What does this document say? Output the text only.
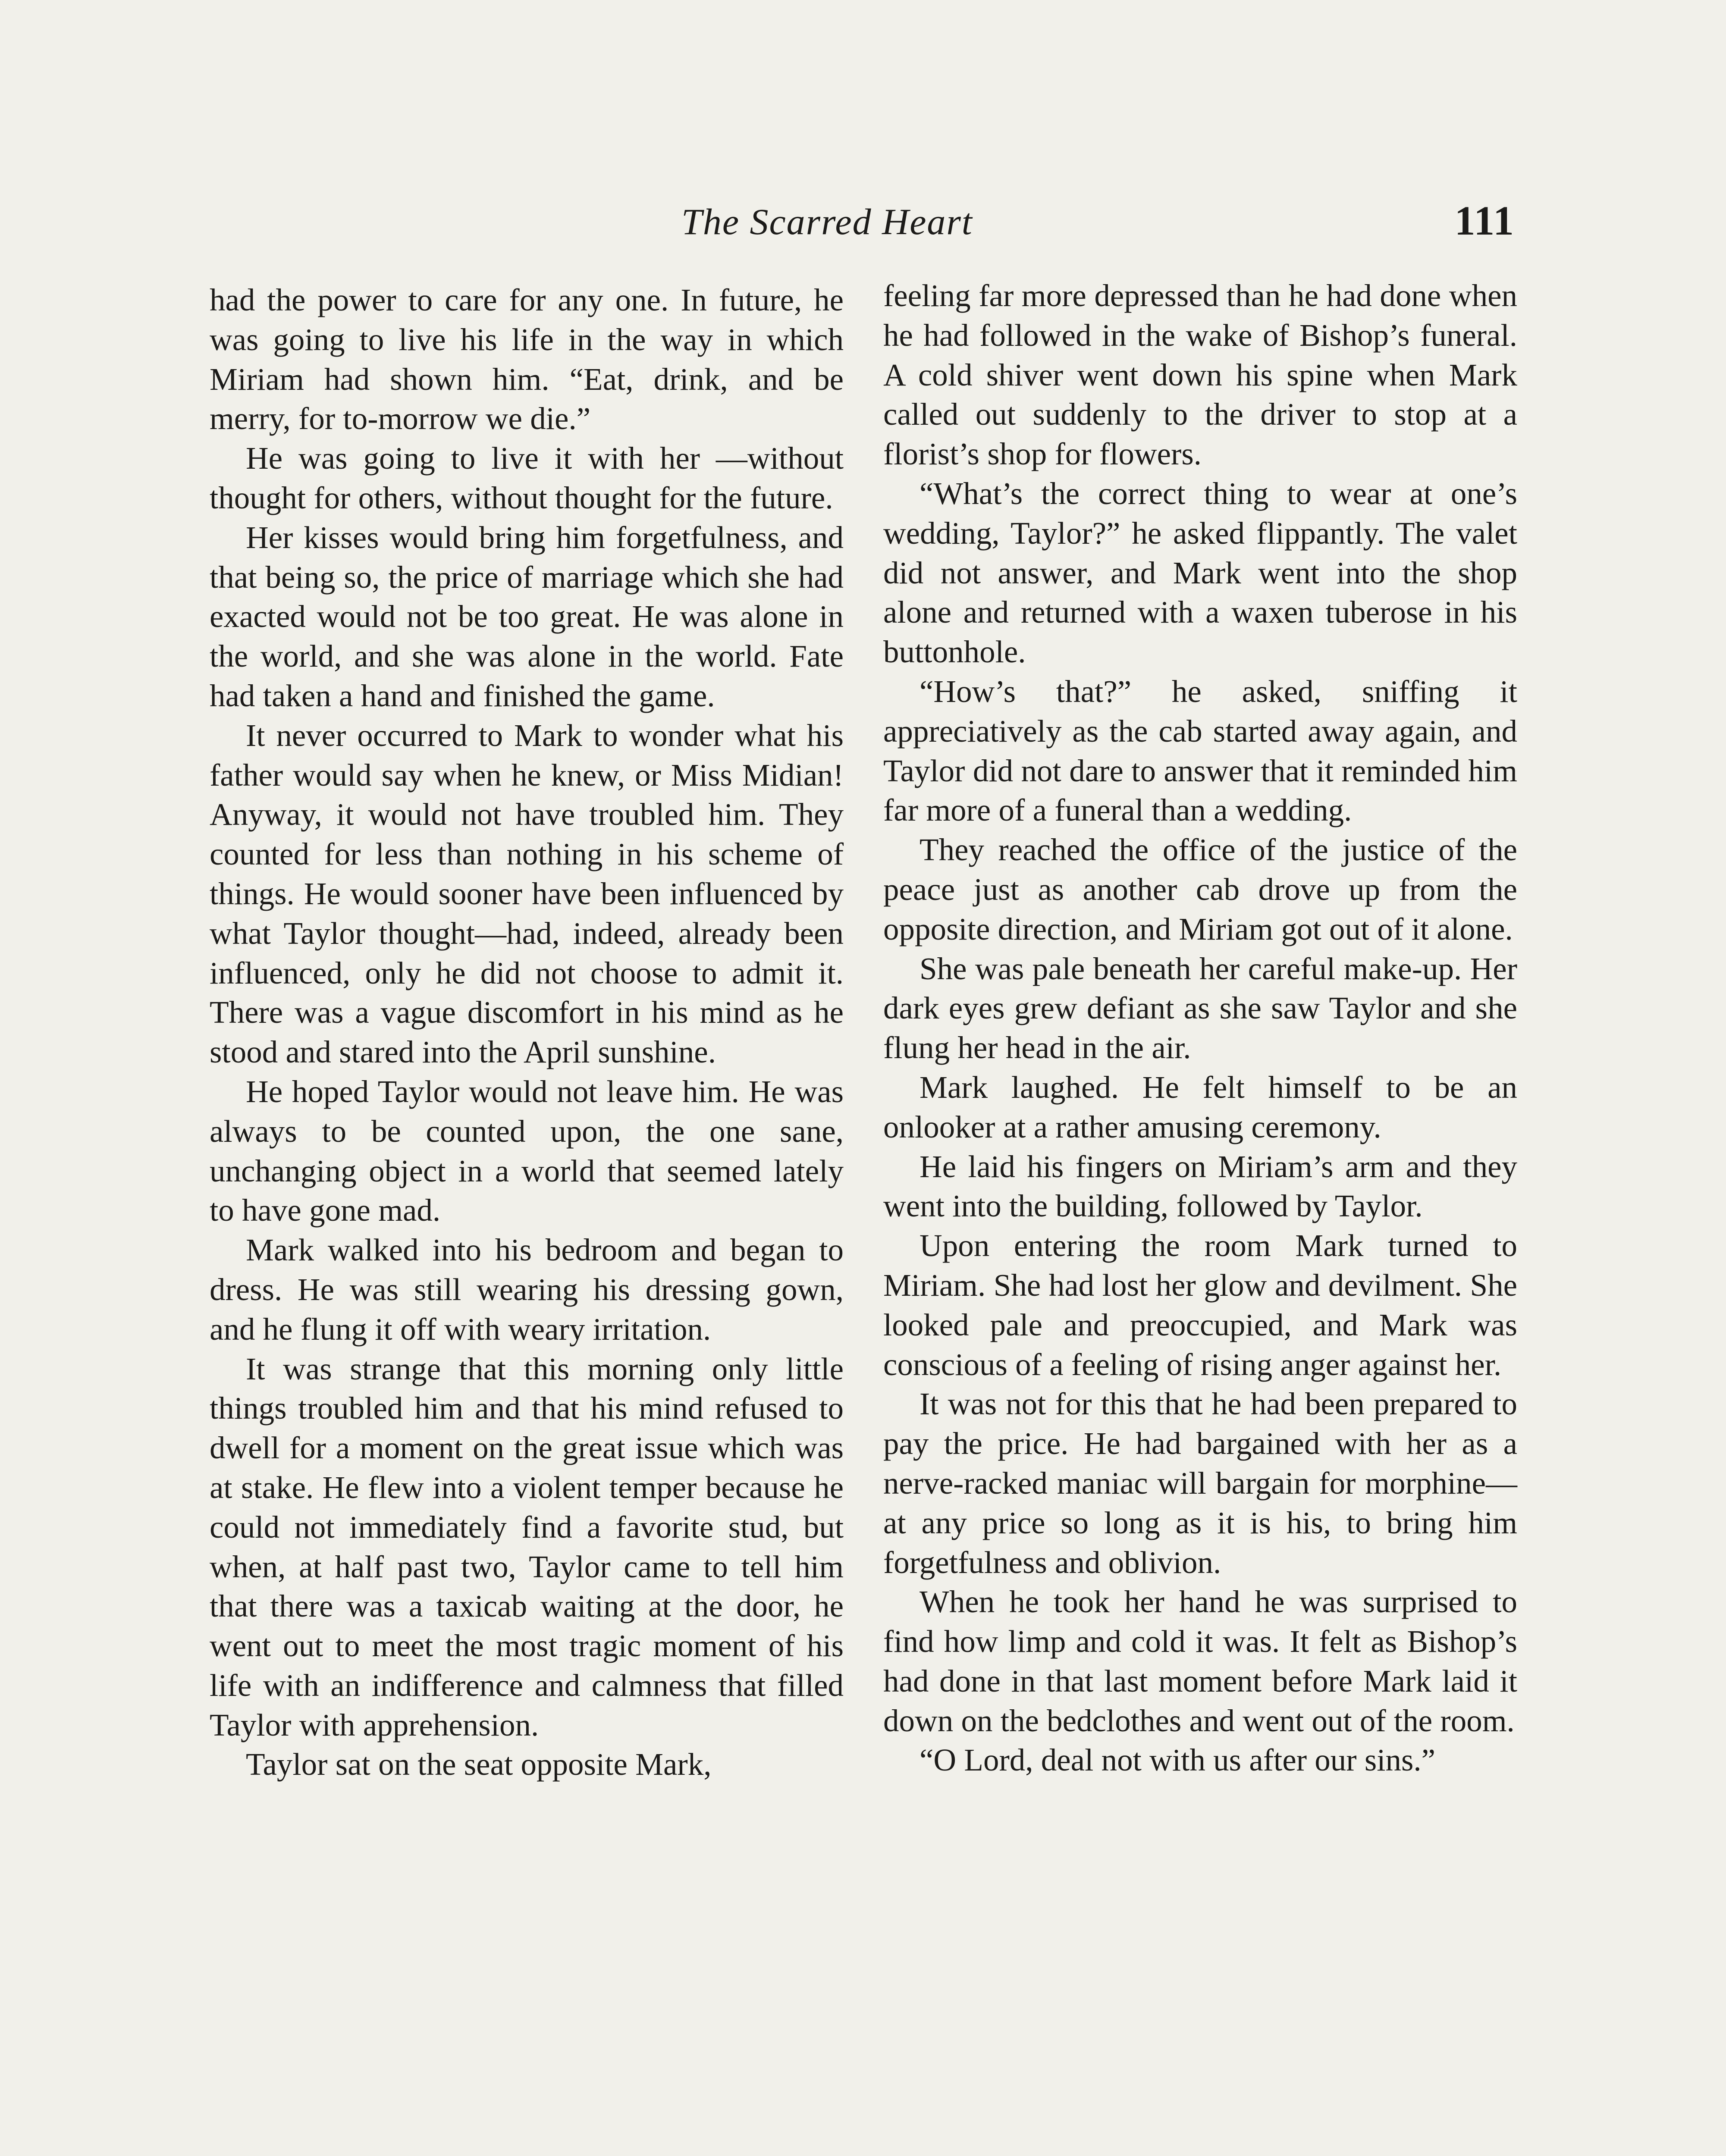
The Scarred Heart	111

had the power to care for any one. In future, he was going to live his life in the way in which Miriam had shown him. “Eat, drink, and be merry, for to-morrow we die.”

He was going to live it with her —without thought for others, without thought for the future.

Her kisses would bring him forgetfulness, and that being so, the price of marriage which she had exacted would not be too great. He was alone in the world, and she was alone in the world. Fate had taken a hand and finished the game.

It never occurred to Mark to wonder what his father would say when he knew, or Miss Midian! Anyway, it would not have troubled him. They counted for less than nothing in his scheme of things. He would sooner have been influenced by what Taylor thought—had, indeed, already been influenced, only he did not choose to admit it. There was a vague discomfort in his mind as he stood and stared into the April sunshine.

He hoped Taylor would not leave him. He was always to be counted upon, the one sane, unchanging object in a world that seemed lately to have gone mad.

Mark walked into his bedroom and began to dress. He was still wearing his dressing gown, and he flung it off with weary irritation.

It was strange that this morning only little things troubled him and that his mind refused to dwell for a moment on the great issue which was at stake. He flew into a violent temper because he could not immediately find a favorite stud, but when, at half past two, Taylor came to tell him that there was a taxicab waiting at the door, he went out to meet the most tragic moment of his life with an indifference and calmness that filled Taylor with apprehension.

Taylor sat on the seat opposite Mark,

feeling far more depressed than he had done when he had followed in the wake of Bishop’s funeral. A cold shiver went down his spine when Mark called out suddenly to the driver to stop at a florist’s shop for flowers.

“What’s the correct thing to wear at one’s wedding, Taylor?” he asked flippantly. The valet did not answer, and Mark went into the shop alone and returned with a waxen tuberose in his buttonhole.

“How’s that?” he asked, sniffing it appreciatively as the cab started away again, and Taylor did not dare to answer that it reminded him far more of a funeral than a wedding.

They reached the office of the justice of the peace just as another cab drove up from the opposite direction, and Miriam got out of it alone.

She was pale beneath her careful make-up. Her dark eyes grew defiant as she saw Taylor and she flung her head in the air.

Mark laughed. He felt himself to be an onlooker at a rather amusing ceremony.

He laid his fingers on Miriam’s arm and they went into the building, followed by Taylor.

Upon entering the room Mark turned to Miriam. She had lost her glow and devilment. She looked pale and preoccupied, and Mark was conscious of a feeling of rising anger against her.

It was not for this that he had been prepared to pay the price. He had bargained with her as a nerve-racked maniac will bargain for morphine—at any price so long as it is his, to bring him forgetfulness and oblivion.

When he took her hand he was surprised to find how limp and cold it was. It felt as Bishop’s had done in that last moment before Mark laid it down on the bedclothes and went out of the room.

“O Lord, deal not with us after our sins.”
